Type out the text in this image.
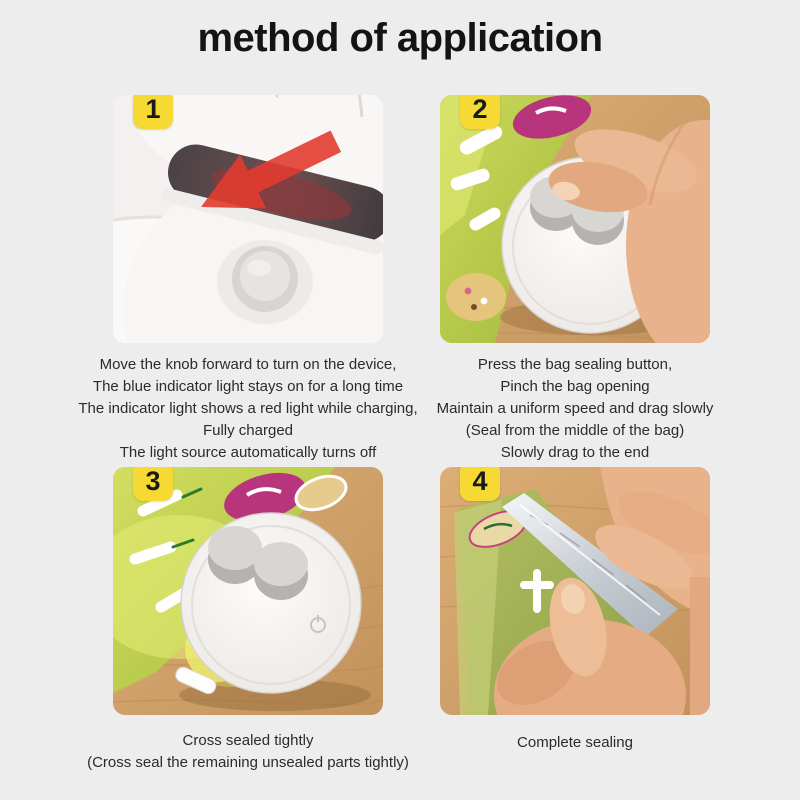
method of application
1	2
3	4
Move the knob forward to turn on the device,
The blue indicator light stays on for a long time
The indicator light shows a red light while charging,
Fully charged
The light source automatically turns off
Press the bag sealing button,
Pinch the bag opening
Maintain a uniform speed and drag slowly
(Seal from the middle of the bag)
Slowly drag to the end
Cross sealed tightly
(Cross seal the remaining unsealed parts tightly)
Complete sealing
